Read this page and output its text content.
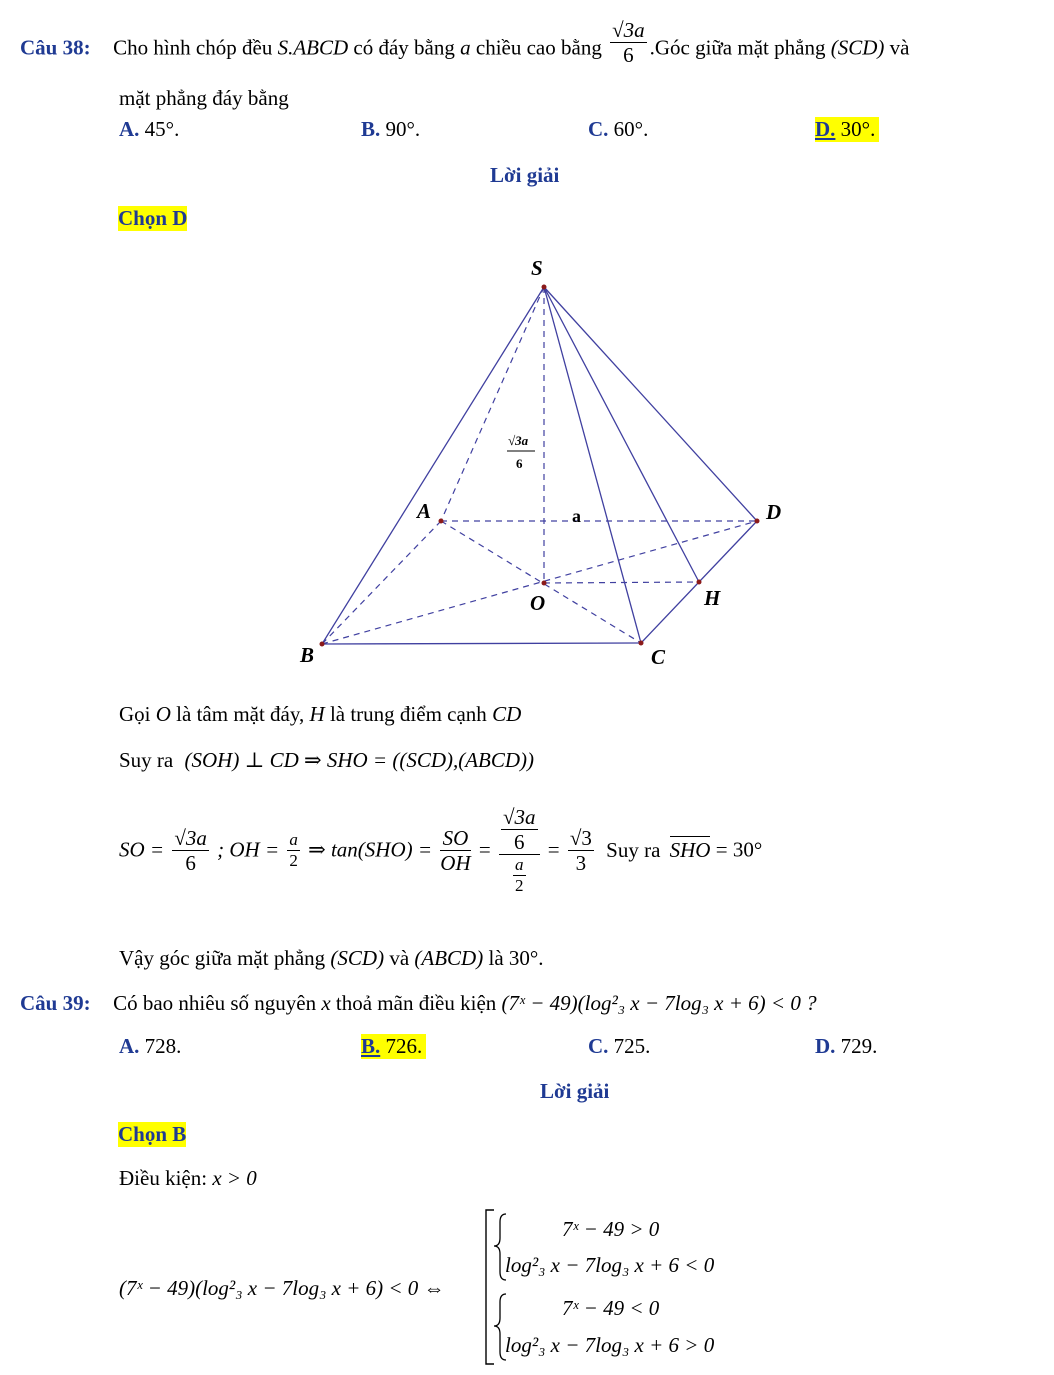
Câu 38: Cho hình chóp đều S.ABCD có đáy bằng a chiều cao bằng $\frac{√3a}{6}$ .Góc giữa mặt phẳng (SCD) và
mặt phẳng đáy bằng
A. 45°.	B. 90°.	C. 60°.	D. 30°.
Lời giải
Chọn D
S
A	D
B	C
O	H
a
√3a
6
Gọi O là tâm mặt đáy, H là trung điểm cạnh CD
Suy ra (SOH) ⊥ CD ⇒ SHO = ((SCD),(ABCD))
SO = $\frac{√3a}{6}$ ; OH = $\frac{a}{2}$ ⇒ $\tan(SHO) = \frac{SO}{OH} = \frac{\frac{√3a}{6}}{\frac{a}{2}} = \frac{√3}{3}$ Suy ra SHO = 30°
Vậy góc giữa mặt phẳng (SCD) và (ABCD) là 30°.
Câu 39: Có bao nhiêu số nguyên x thoả mãn điều kiện (7ˣ − 49)(log²₃ x − 7log₃ x + 6) < 0 ?
A. 728.	B. 726.	C. 725.	D. 729.
Lời giải
Chọn B
Điều kiện: x > 0
(7ˣ − 49)(log²₃ x − 7log₃ x + 6) < 0 ⇔
7ˣ − 49 > 0
log²₃ x − 7log₃ x + 6 < 0
7ˣ − 49 < 0
log²₃ x − 7log₃ x + 6 > 0
